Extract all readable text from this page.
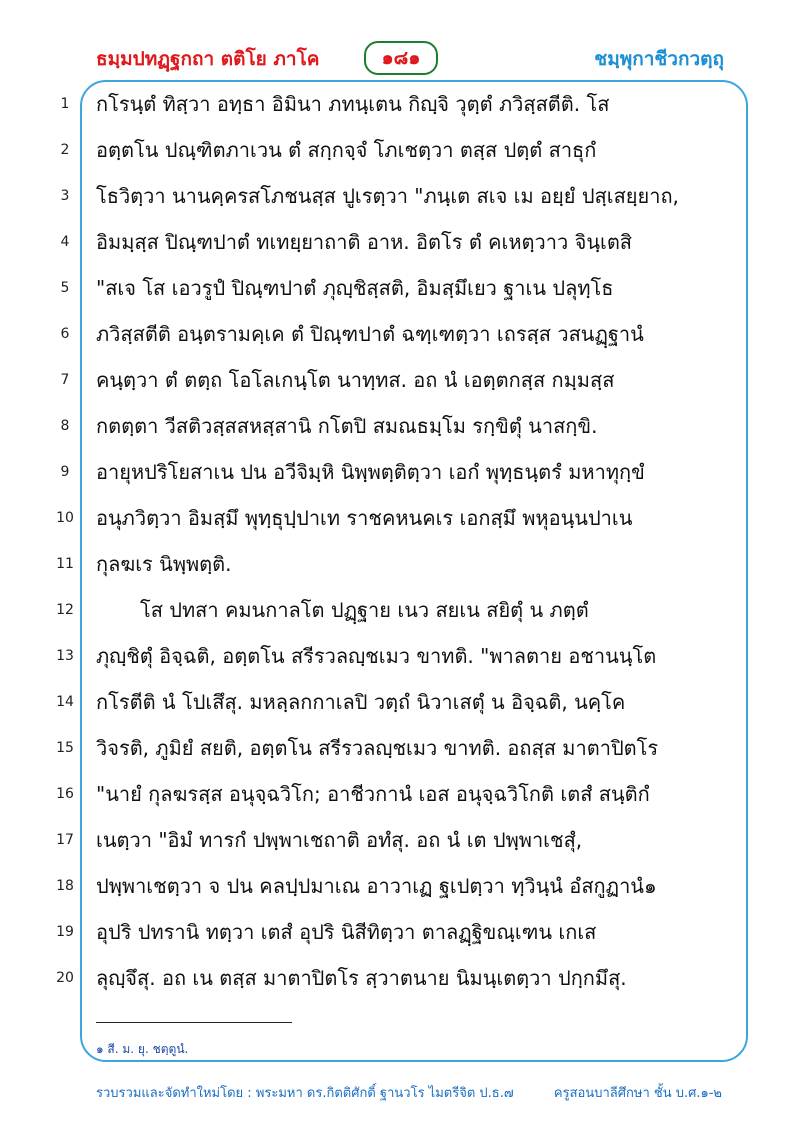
ธมฺมปทฏฺฐกถา ตติโย ภาโค	๑๘๑	ชมฺพุกาชีวกวตฺถุ
1	กโรนฺตํ ทิสฺวา อทฺธา อิมินา ภทนฺเตน กิญฺจิ วุตฺตํ ภวิสฺสตีติ. โส
2	อตฺตโน ปณฺฑิตภาเวน ตํ สกฺกจฺจํ โภเชตฺวา ตสฺส ปตฺตํ สาธุกํ
3	โธวิตฺวา นานคฺครสโภชนสฺส ปูเรตฺวา "ภนฺเต สเจ เม อยฺยํ ปสฺเสยฺยาถ,
4	อิมมฺสฺส ปิณฺฑปาตํ ทเทยฺยาถาติ อาห. อิตโร ตํ คเหตฺวาว จินฺเตสิ
5	"สเจ โส เอวรูปํ ปิณฺฑปาตํ ภุญฺชิสฺสติ, อิมสฺมึเยว ฐาเน ปลุทฺโธ
6	ภวิสฺสตีติ อนฺตรามคฺเค ตํ ปิณฺฑปาตํ ฉฑฺเฑตฺวา เถรสฺส วสนฏฺฐานํ
7	คนฺตฺวา ตํ ตตฺถ โอโลเกนฺโต นาทฺทส. อถ นํ เอตฺตกสฺส กมฺมสฺส
8	กตตฺตา วีสติวสฺสสหสฺสานิ กโตปิ สมณธมฺโม รกฺขิตุํ นาสกฺขิ.
9	อายุหปริโยสาเน ปน อวีจิมฺหิ นิพฺพตฺติตฺวา เอกํ พุทฺธนฺตรํ มหาทุกฺขํ
10 อนุภวิตฺวา อิมสฺมึ พุทฺธุปฺปาเท ราชคหนคเร เอกสฺมึ พหุอนฺนปาเน
11 กุลฆเร นิพฺพตฺติ.
12	โส ปทสา คมนกาลโต ปฏฺฐาย เนว สยเน สยิตุํ น ภตฺตํ
13 ภุญฺชิตุํ อิจฺฉติ, อตฺตโน สรีรวลญฺชเมว ขาทติ. "พาลตาย อชานนฺโต
14 กโรตีติ นํ โปเสึสุ. มหลฺลกกาเลปิ วตฺถํ นิวาเสตุํ น อิจฺฉติ, นคฺโค
15 วิจรติ, ภูมิยํ สยติ, อตฺตโน สรีรวลญฺชเมว ขาทติ. อถสฺส มาตาปิตโร
16 "นายํ กุลฆรสฺส อนุจฺฉวิโก; อาชีวกานํ เอส อนุจฺฉวิโกติ เตสํ สนฺติกํ
17 เนตฺวา "อิมํ ทารกํ ปพฺพาเชถาติ อทํสุ. อถ นํ เต ปพฺพาเชสุํ,
18 ปพฺพาเชตฺวา จ ปน คลปฺปมาเณ อาวาเฏ ฐเปตฺวา ทฺวินฺนํ อํสกูฏานํ๑
19 อุปริ ปทรานิ ทตฺวา เตสํ อุปริ นิสีทิตฺวา ตาลฏฺฐิขณฺเฑน เกเส
20 ลุญฺจึสุ. อถ เน ตสฺส มาตาปิตโร สฺวาตนาย นิมนฺเตตฺวา ปกฺกมึสุ.
๑ สี. ม. ยุ. ชตฺตูนํ.
รวบรวมและจัดทำใหม่โดย : พระมหา ดร.กิตติศักดิ์ ฐานวโร ไมตรีจิต ป.ธ.๗	ครูสอนบาลีศึกษา ชั้น บ.ศ.๑-๒
